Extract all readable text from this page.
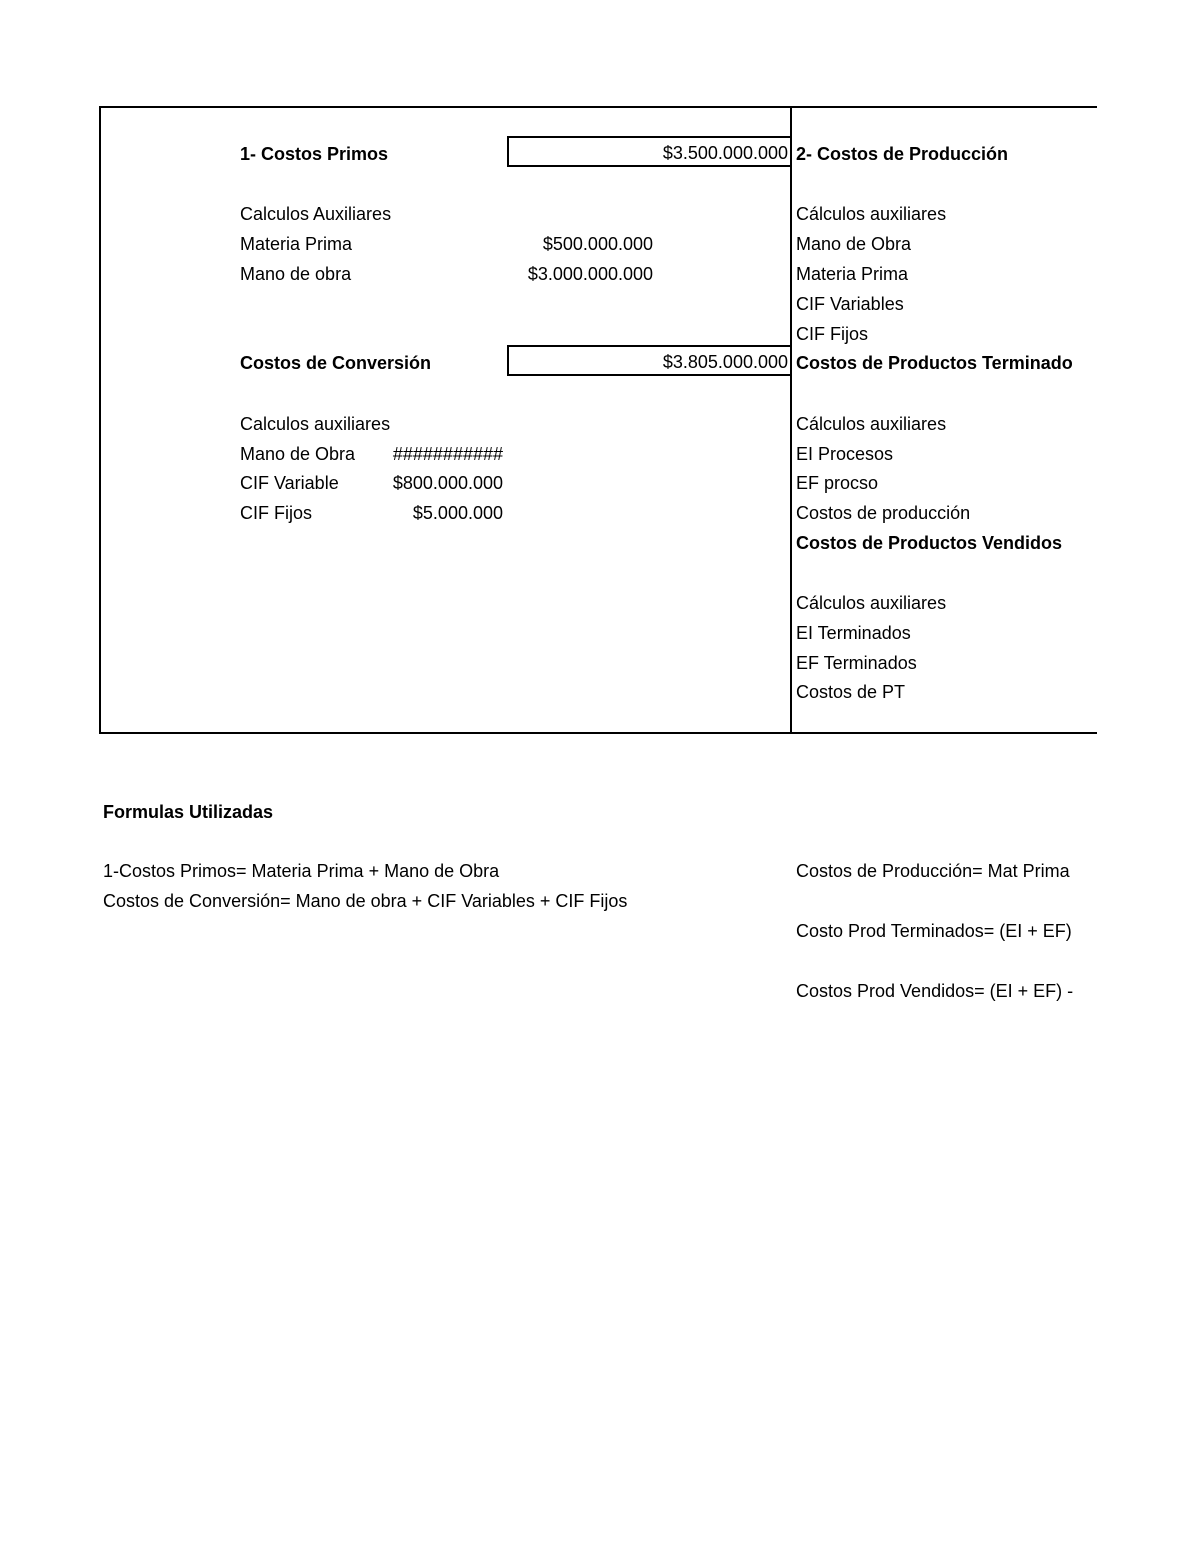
1- Costos Primos	$3.500.000.000
Calculos Auxiliares
Materia Prima	$500.000.000
Mano de obra	$3.000.000.000
Costos de Conversión	$3.805.000.000
Calculos auxiliares
Mano de Obra	###########
CIF Variable	$800.000.000
CIF Fijos	$5.000.000
2- Costos de Producción
Cálculos auxiliares
Mano de Obra
Materia Prima
CIF Variables
CIF Fijos
Costos de Productos Terminado
Cálculos auxiliares
EI Procesos
EF procso
Costos de producción
Costos de Productos Vendidos
Cálculos auxiliares
EI Terminados
EF Terminados
Costos de PT
Formulas Utilizadas
1-Costos Primos= Materia Prima + Mano de Obra
Costos de Conversión= Mano de obra + CIF Variables + CIF Fijos
Costos de Producción= Mat Prima
Costo Prod Terminados= (EI + EF)
Costos Prod Vendidos= (EI + EF) -
